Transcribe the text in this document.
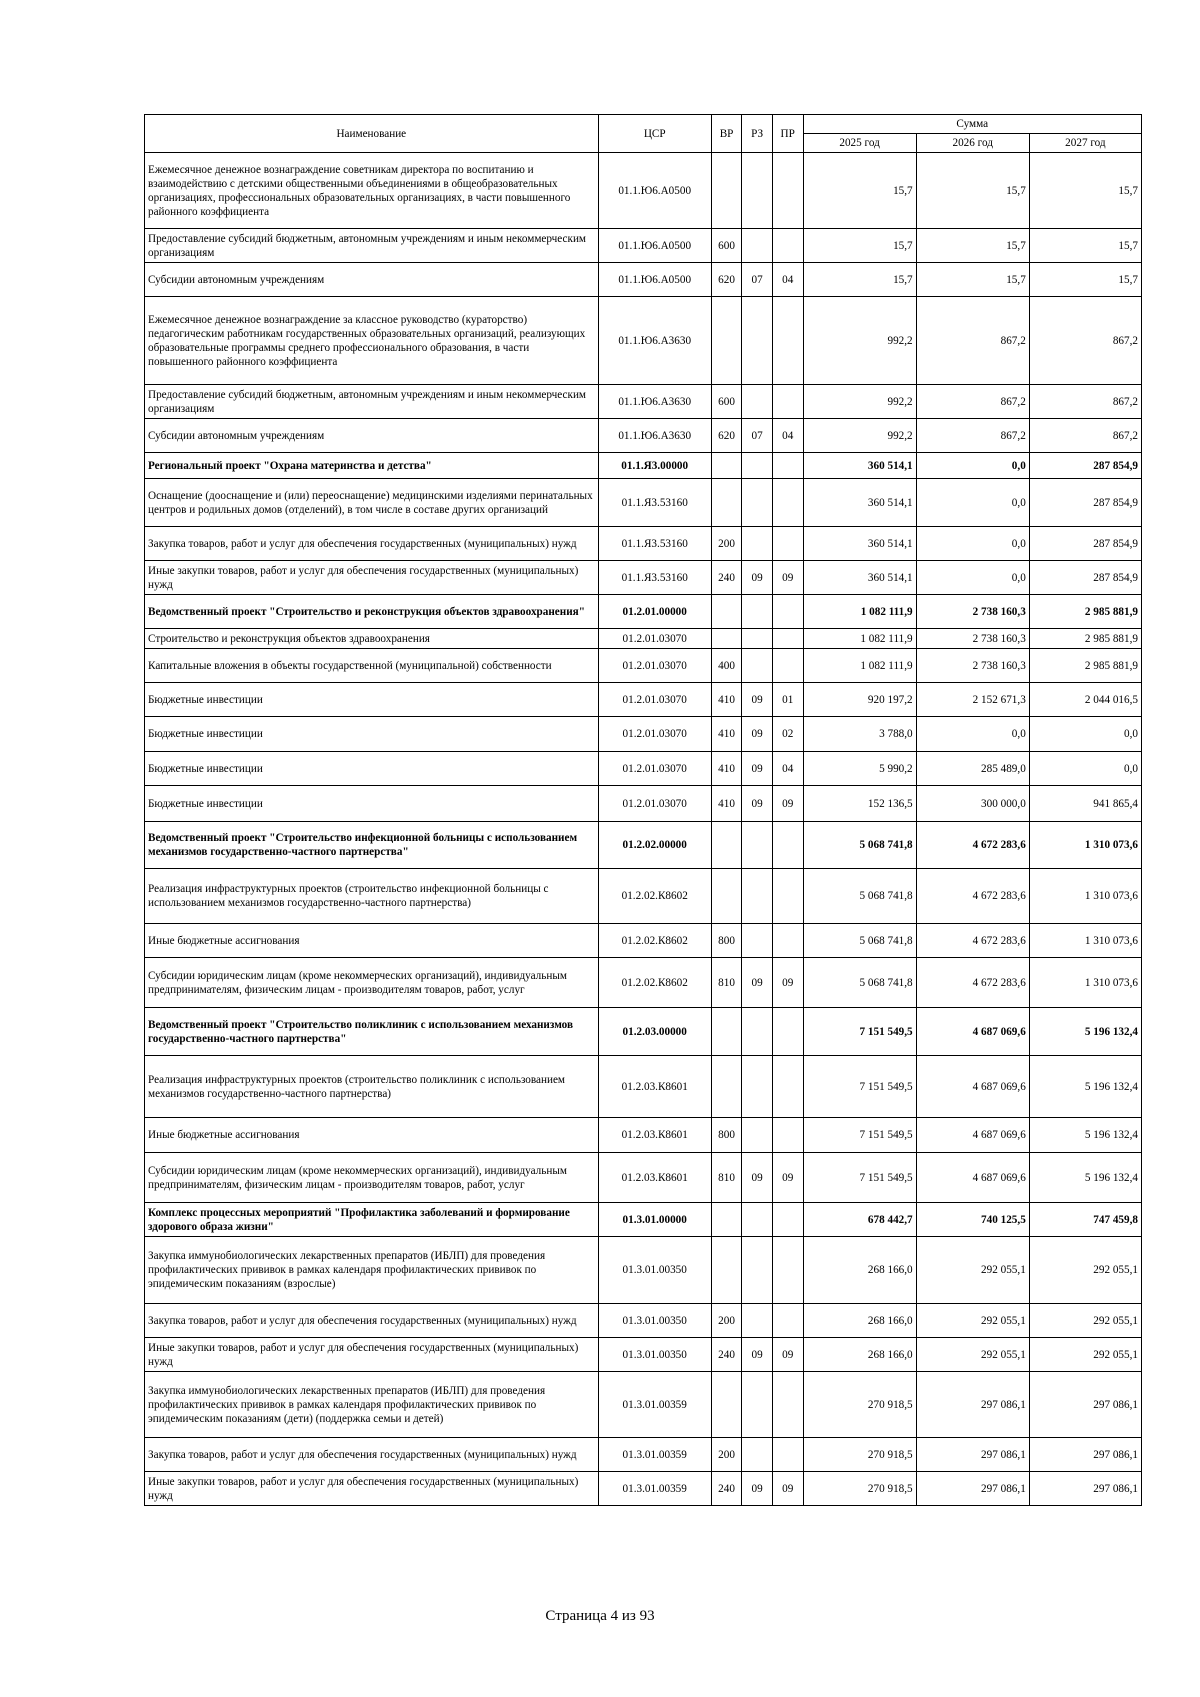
Наименование	ЦСР	ВР	РЗ	ПР	Сумма		
					2025 год	2026 год	2027 год
Ежемесячное денежное вознаграждение советникам директора по воспитанию и взаимодействию с детскими общественными объединениями в общеобразовательных организациях, профессиональных образовательных организациях, в части повышенного районного коэффициента	01.1.Ю6.А0500				15,7	15,7	15,7
Предоставление субсидий бюджетным, автономным учреждениям и иным некоммерческим организациям	01.1.Ю6.А0500	600			15,7	15,7	15,7
Субсидии автономным учреждениям	01.1.Ю6.А0500	620	07	04	15,7	15,7	15,7
Ежемесячное денежное вознаграждение за классное руководство (кураторство) педагогическим работникам государственных образовательных организаций, реализующих образовательные программы среднего профессионального образования, в части повышенного районного коэффициента	01.1.Ю6.А3630				992,2	867,2	867,2
Предоставление субсидий бюджетным, автономным учреждениям и иным некоммерческим организациям	01.1.Ю6.А3630	600			992,2	867,2	867,2
Субсидии автономным учреждениям	01.1.Ю6.А3630	620	07	04	992,2	867,2	867,2
Региональный проект "Охрана материнства и детства"	01.1.Я3.00000				360 514,1	0,0	287 854,9
Оснащение (дооснащение и (или) переоснащение) медицинскими изделиями перинатальных центров и родильных домов (отделений), в том числе в составе других организаций	01.1.Я3.53160				360 514,1	0,0	287 854,9
Закупка товаров, работ и услуг для обеспечения государственных (муниципальных) нужд	01.1.Я3.53160	200			360 514,1	0,0	287 854,9
Иные закупки товаров, работ и услуг для обеспечения государственных (муниципальных) нужд	01.1.Я3.53160	240	09	09	360 514,1	0,0	287 854,9
Ведомственный проект "Строительство и реконструкция объектов здравоохранения"	01.2.01.00000				1 082 111,9	2 738 160,3	2 985 881,9
Строительство и реконструкция объектов здравоохранения	01.2.01.03070				1 082 111,9	2 738 160,3	2 985 881,9
Капитальные вложения в объекты государственной (муниципальной) собственности	01.2.01.03070	400			1 082 111,9	2 738 160,3	2 985 881,9
Бюджетные инвестиции	01.2.01.03070	410	09	01	920 197,2	2 152 671,3	2 044 016,5
Бюджетные инвестиции	01.2.01.03070	410	09	02	3 788,0	0,0	0,0
Бюджетные инвестиции	01.2.01.03070	410	09	04	5 990,2	285 489,0	0,0
Бюджетные инвестиции	01.2.01.03070	410	09	09	152 136,5	300 000,0	941 865,4
Ведомственный проект "Строительство инфекционной больницы с использованием механизмов государственно-частного партнерства"	01.2.02.00000				5 068 741,8	4 672 283,6	1 310 073,6
Реализация инфраструктурных проектов (строительство инфекционной больницы с использованием механизмов государственно-частного партнерства)	01.2.02.К8602				5 068 741,8	4 672 283,6	1 310 073,6
Иные бюджетные ассигнования	01.2.02.К8602	800			5 068 741,8	4 672 283,6	1 310 073,6
Субсидии юридическим лицам (кроме некоммерческих организаций), индивидуальным предпринимателям, физическим лицам - производителям товаров, работ, услуг	01.2.02.К8602	810	09	09	5 068 741,8	4 672 283,6	1 310 073,6
Ведомственный проект "Строительство поликлиник с использованием механизмов государственно-частного партнерства"	01.2.03.00000				7 151 549,5	4 687 069,6	5 196 132,4
Реализация инфраструктурных проектов (строительство поликлиник с использованием механизмов государственно-частного партнерства)	01.2.03.К8601				7 151 549,5	4 687 069,6	5 196 132,4
Иные бюджетные ассигнования	01.2.03.К8601	800			7 151 549,5	4 687 069,6	5 196 132,4
Субсидии юридическим лицам (кроме некоммерческих организаций), индивидуальным предпринимателям, физическим лицам - производителям товаров, работ, услуг	01.2.03.К8601	810	09	09	7 151 549,5	4 687 069,6	5 196 132,4
Комплекс процессных мероприятий "Профилактика заболеваний и формирование здорового образа жизни"	01.3.01.00000				678 442,7	740 125,5	747 459,8
Закупка иммунобиологических лекарственных препаратов (ИБЛП) для проведения профилактических прививок в рамках календаря профилактических прививок по эпидемическим показаниям (взрослые)	01.3.01.00350				268 166,0	292 055,1	292 055,1
Закупка товаров, работ и услуг для обеспечения государственных (муниципальных) нужд	01.3.01.00350	200			268 166,0	292 055,1	292 055,1
Иные закупки товаров, работ и услуг для обеспечения государственных (муниципальных) нужд	01.3.01.00350	240	09	09	268 166,0	292 055,1	292 055,1
Закупка иммунобиологических лекарственных препаратов (ИБЛП) для проведения профилактических прививок в рамках календаря профилактических прививок по эпидемическим показаниям (дети) (поддержка семьи и детей)	01.3.01.00359				270 918,5	297 086,1	297 086,1
Закупка товаров, работ и услуг для обеспечения государственных (муниципальных) нужд	01.3.01.00359	200			270 918,5	297 086,1	297 086,1
Иные закупки товаров, работ и услуг для обеспечения государственных (муниципальных) нужд	01.3.01.00359	240	09	09	270 918,5	297 086,1	297 086,1
Страница 4 из 93
